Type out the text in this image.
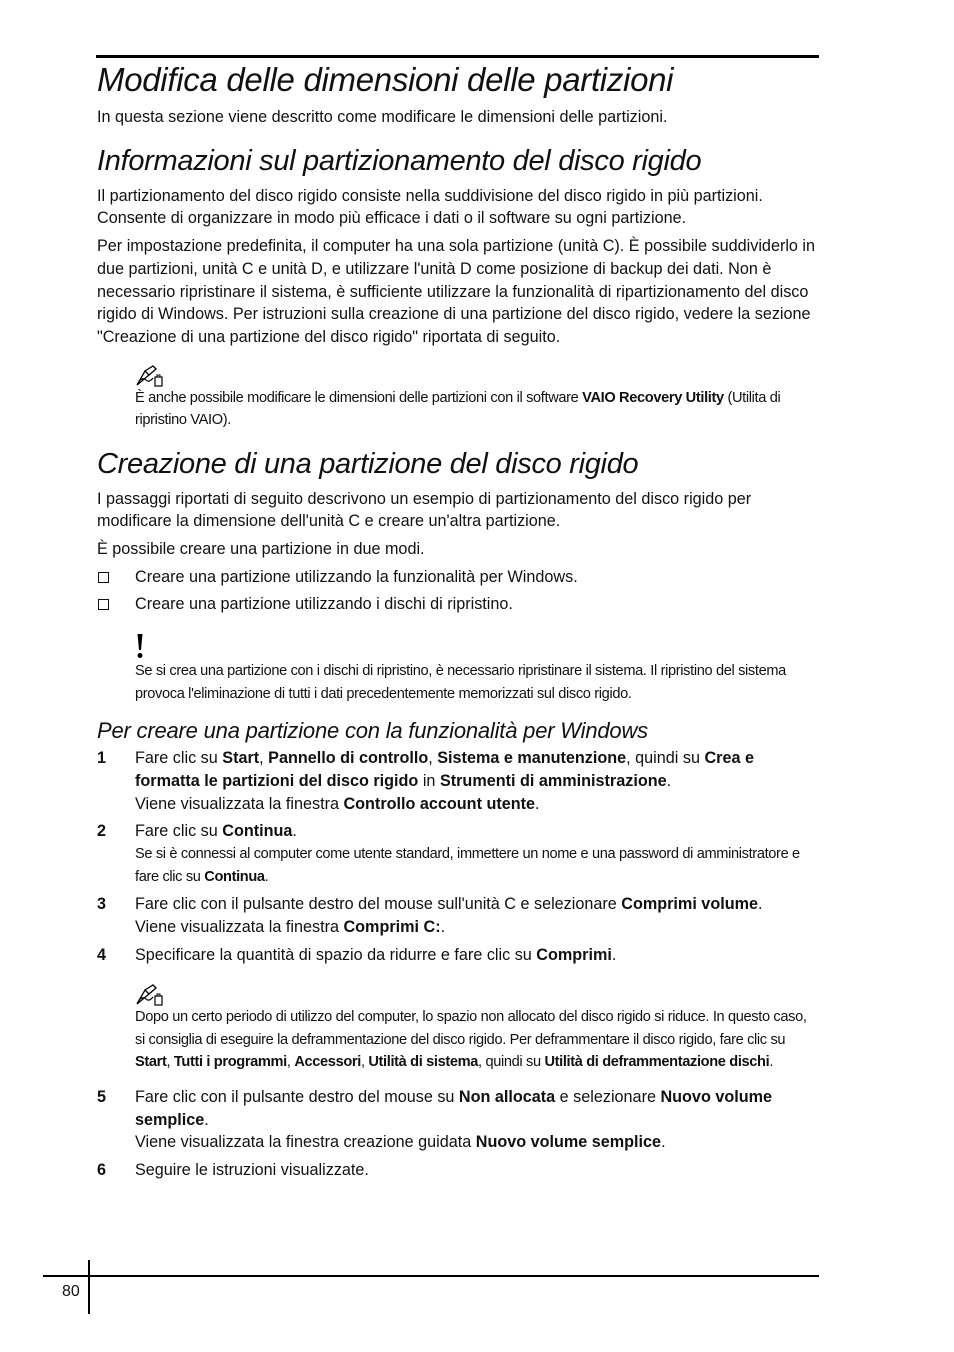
Modifica delle dimensioni delle partizioni

In questa sezione viene descritto come modificare le dimensioni delle partizioni.

Informazioni sul partizionamento del disco rigido

Il partizionamento del disco rigido consiste nella suddivisione del disco rigido in più partizioni. Consente di organizzare in modo più efficace i dati o il software su ogni partizione.

Per impostazione predefinita, il computer ha una sola partizione (unità C). È possibile suddividerlo in due partizioni, unità C e unità D, e utilizzare l'unità D come posizione di backup dei dati. Non è necessario ripristinare il sistema, è sufficiente utilizzare la funzionalità di ripartizionamento del disco rigido di Windows. Per istruzioni sulla creazione di una partizione del disco rigido, vedere la sezione "Creazione di una partizione del disco rigido" riportata di seguito.

È anche possibile modificare le dimensioni delle partizioni con il software VAIO Recovery Utility (Utilita di ripristino VAIO).

Creazione di una partizione del disco rigido

I passaggi riportati di seguito descrivono un esempio di partizionamento del disco rigido per modificare la dimensione dell'unità C e creare un'altra partizione.

È possibile creare una partizione in due modi.

Creare una partizione utilizzando la funzionalità per Windows.
Creare una partizione utilizzando i dischi di ripristino.

Se si crea una partizione con i dischi di ripristino, è necessario ripristinare il sistema. Il ripristino del sistema provoca l'eliminazione di tutti i dati precedentemente memorizzati sul disco rigido.

Per creare una partizione con la funzionalità per Windows
1 Fare clic su Start, Pannello di controllo, Sistema e manutenzione, quindi su Crea e formatta le partizioni del disco rigido in Strumenti di amministrazione.
Viene visualizzata la finestra Controllo account utente.
2 Fare clic su Continua.
Se si è connessi al computer come utente standard, immettere un nome e una password di amministratore e fare clic su Continua.
3 Fare clic con il pulsante destro del mouse sull'unità C e selezionare Comprimi volume.
Viene visualizzata la finestra Comprimi C:.
4 Specificare la quantità di spazio da ridurre e fare clic su Comprimi.

Dopo un certo periodo di utilizzo del computer, lo spazio non allocato del disco rigido si riduce. In questo caso, si consiglia di eseguire la deframmentazione del disco rigido. Per deframmentare il disco rigido, fare clic su Start, Tutti i programmi, Accessori, Utilità di sistema, quindi su Utilità di deframmentazione dischi.

5 Fare clic con il pulsante destro del mouse su Non allocata e selezionare Nuovo volume semplice.
Viene visualizzata la finestra creazione guidata Nuovo volume semplice.
6 Seguire le istruzioni visualizzate.
80
